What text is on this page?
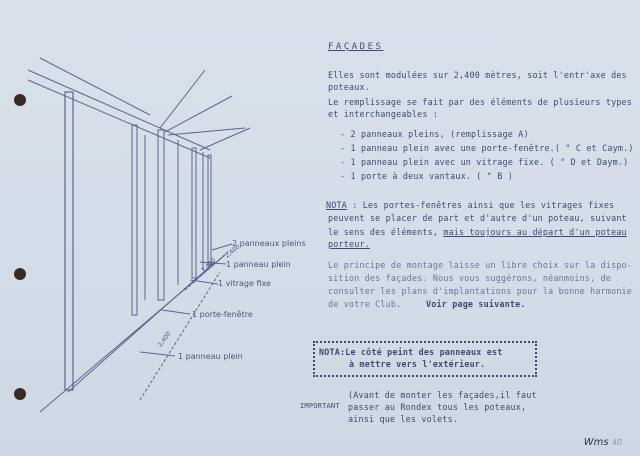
2 panneaux pleins
1 panneau plein
1 vitrage fixe
1 porte-fenêtre
1 panneau plein
2,400
2,400
2,400
FAÇADES
Elles sont modulées sur 2,400 mètres, soit l'entr'axe des
poteaux.
Le remplissage se fait par des éléments de plusieurs types
et interchangeables :
- 2 panneaux pleins, (remplissage A)
- 1 panneau plein avec une porte-fenêtre.( " C et Caym.)
- 1 panneau plein avec un vitrage fixe. ( " D et Daym.)
- 1 porte à deux vantaux. ( " B )
NOTA : Les portes-fenêtres ainsi que les vitrages fixes
peuvent se placer de part et d'autre d'un poteau, suivant
le sens des éléments, mais toujours au départ d'un poteau
porteur.
Le principe de montage laisse un libre choix sur la dispo-
sition des façades. Nous vous suggérons, néanmoins, de
consulter les plans d'implantations pour la bonne harmonie
de votre Club.	Voir page suivante.
NOTA:Le côté peint des panneaux est
à mettre vers l'extérieur.
IMPORTANT
(Avant de monter les façades,il faut
passer au Rondex tous les poteaux,
ainsi que les volets.
Wms 40
